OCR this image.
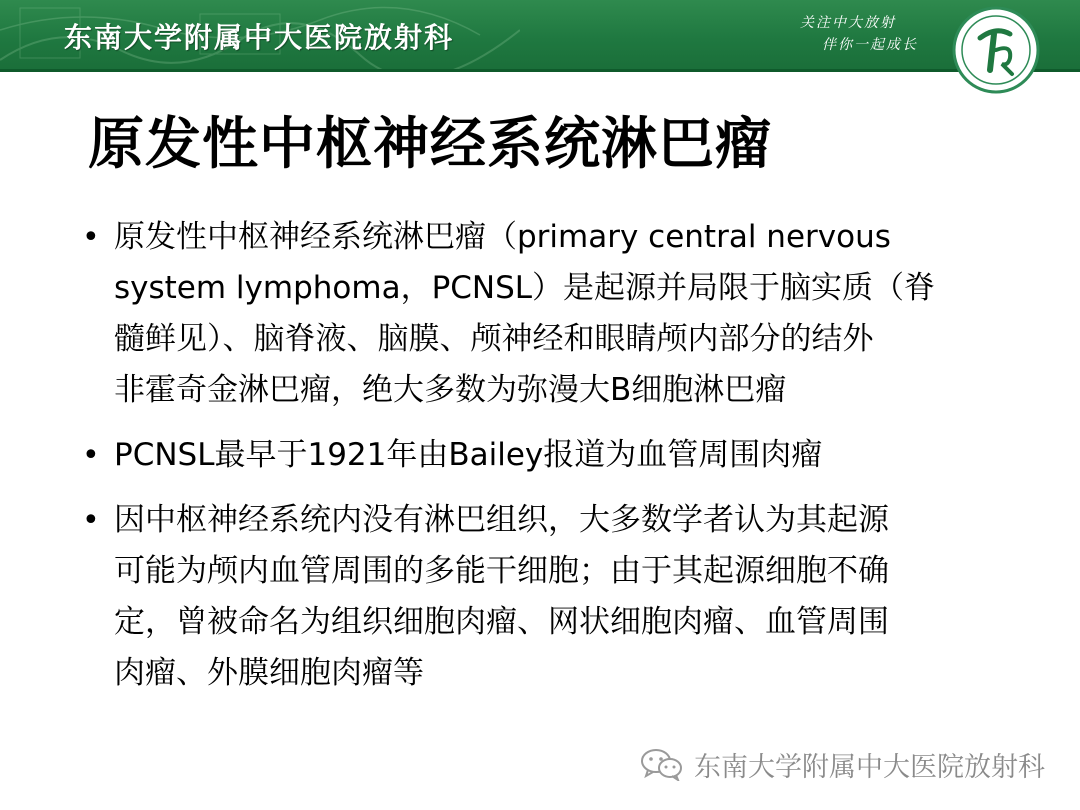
东南大学附属中大医院放射科	关注中大放射
伴你一起成长
原发性中枢神经系统淋巴瘤
• 原发性中枢神经系统淋巴瘤（primary central nervous
system lymphoma，PCNSL）是起源并局限于脑实质（脊
髓鲜见）、脑脊液、脑膜、颅神经和眼睛颅内部分的结外
非霍奇金淋巴瘤，绝大多数为弥漫大B细胞淋巴瘤
• PCNSL最早于1921年由Bailey报道为血管周围肉瘤
• 因中枢神经系统内没有淋巴组织，大多数学者认为其起源
可能为颅内血管周围的多能干细胞；由于其起源细胞不确
定，曾被命名为组织细胞肉瘤、网状细胞肉瘤、血管周围
肉瘤、外膜细胞肉瘤等
东南大学附属中大医院放射科
